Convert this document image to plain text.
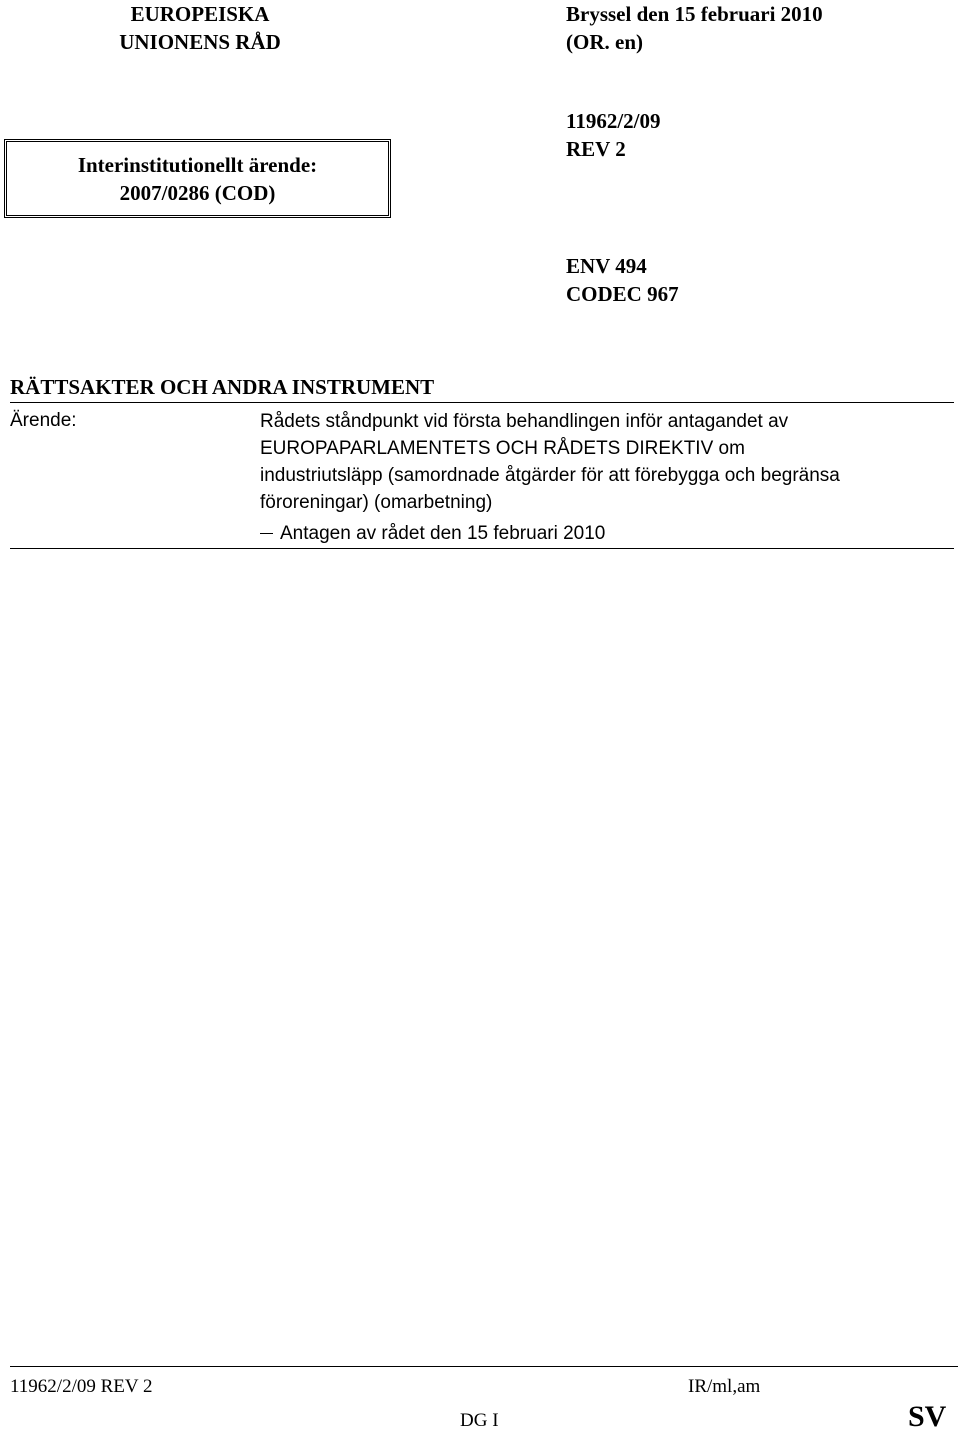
EUROPEISKA
UNIONENS RÅD
Bryssel den 15 februari 2010
(OR. en)
Interinstitutionellt ärende:
2007/0286 (COD)
11962/2/09
REV 2
ENV 494
CODEC 967
RÄTTSAKTER OCH ANDRA INSTRUMENT
Ärende:	Rådets ståndpunkt vid första behandlingen inför antagandet av
EUROPAPARLAMENTETS OCH RÅDETS DIREKTIV om
industriutsläpp (samordnade åtgärder för att förebygga och begränsa
föroreningar) (omarbetning)
Antagen av rådet den 15 februari 2010
11962/2/09 REV 2	IR/ml,am
DG I	SV
